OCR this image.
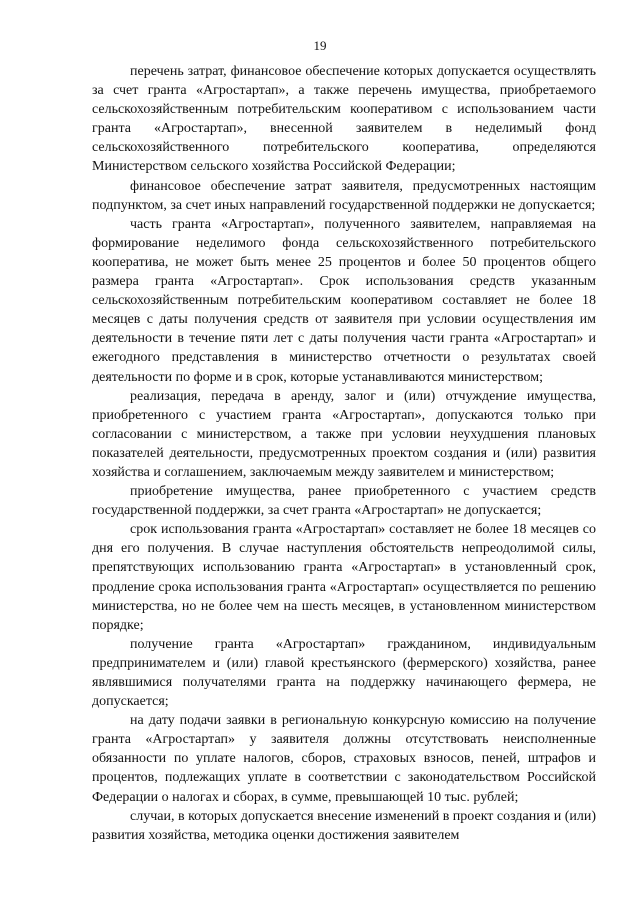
19

перечень затрат, финансовое обеспечение которых допускается осуществлять за счет гранта «Агростартап», а также перечень имущества, приобретаемого сельскохозяйственным потребительским кооперативом с использованием части гранта «Агростартап», внесенной заявителем в неделимый фонд сельскохозяйственного потребительского кооператива, определяются Министерством сельского хозяйства Российской Федерации;

финансовое обеспечение затрат заявителя, предусмотренных настоящим подпунктом, за счет иных направлений государственной поддержки не допускается;

часть гранта «Агростартап», полученного заявителем, направляемая на формирование неделимого фонда сельскохозяйственного потребительского кооператива, не может быть менее 25 процентов и более 50 процентов общего размера гранта «Агростартап». Срок использования средств указанным сельскохозяйственным потребительским кооперативом составляет не более 18 месяцев с даты получения средств от заявителя при условии осуществления им деятельности в течение пяти лет с даты получения части гранта «Агростартап» и ежегодного представления в министерство отчетности о результатах своей деятельности по форме и в срок, которые устанавливаются министерством;

реализация, передача в аренду, залог и (или) отчуждение имущества, приобретенного с участием гранта «Агростартап», допускаются только при согласовании с министерством, а также при условии неухудшения плановых показателей деятельности, предусмотренных проектом создания и (или) развития хозяйства и соглашением, заключаемым между заявителем и министерством;

приобретение имущества, ранее приобретенного с участием средств государственной поддержки, за счет гранта «Агростартап» не допускается;

срок использования гранта «Агростартап» составляет не более 18 месяцев со дня его получения. В случае наступления обстоятельств непреодолимой силы, препятствующих использованию гранта «Агростартап» в установленный срок, продление срока использования гранта «Агростартап» осуществляется по решению министерства, но не более чем на шесть месяцев, в установленном министерством порядке;

получение гранта «Агростартап» гражданином, индивидуальным предпринимателем и (или) главой крестьянского (фермерского) хозяйства, ранее являвшимися получателями гранта на поддержку начинающего фермера, не допускается;

на дату подачи заявки в региональную конкурсную комиссию на получение гранта «Агростартап» у заявителя должны отсутствовать неисполненные обязанности по уплате налогов, сборов, страховых взносов, пеней, штрафов и процентов, подлежащих уплате в соответствии с законодательством Российской Федерации о налогах и сборах, в сумме, превышающей 10 тыс. рублей;

случаи, в которых допускается внесение изменений в проект создания и (или) развития хозяйства, методика оценки достижения заявителем
